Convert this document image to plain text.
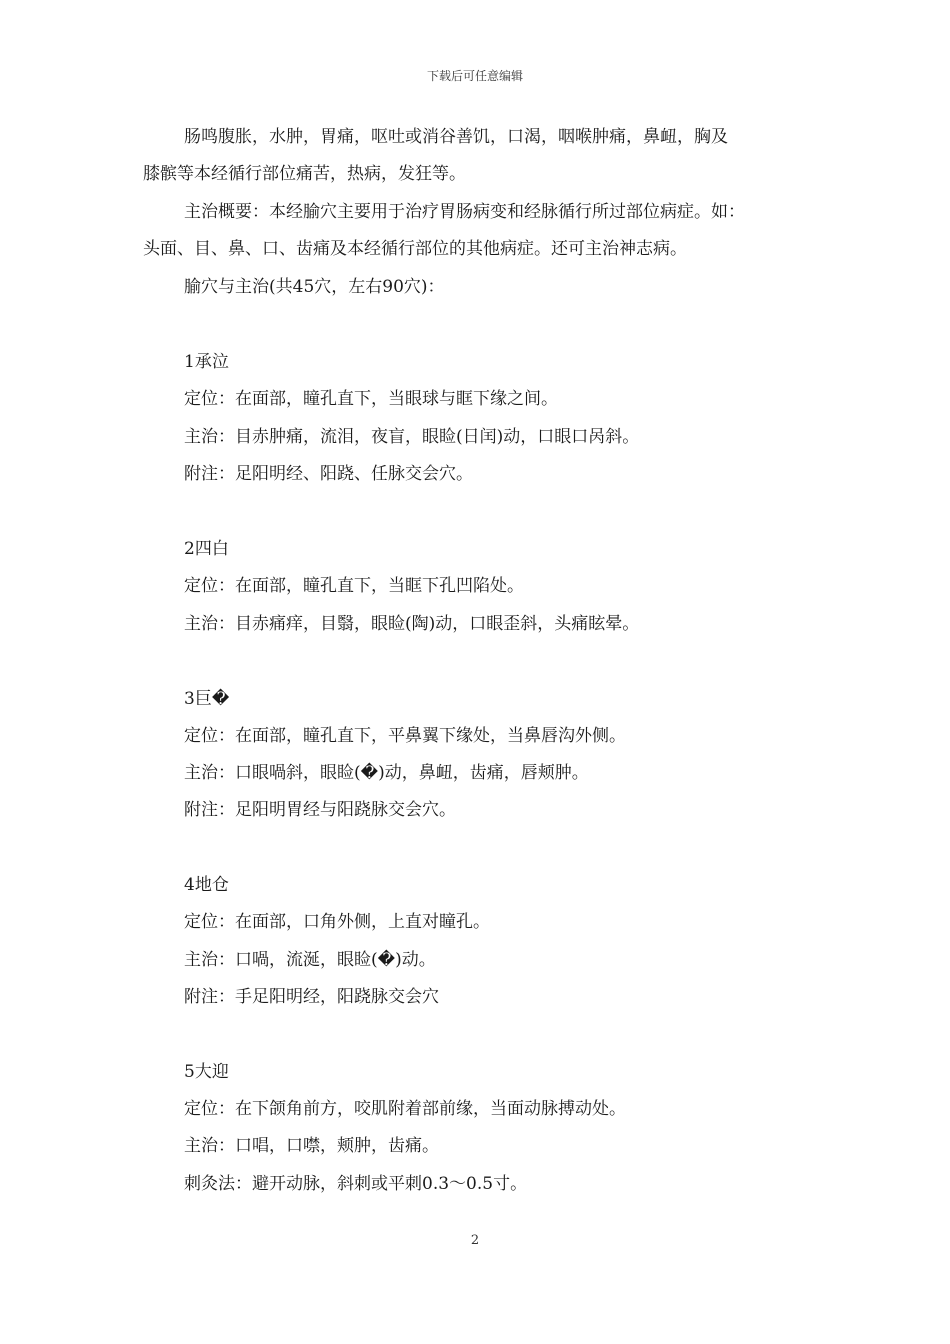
下载后可任意编辑
肠鸣腹胀，水肿，胃痛，呕吐或消谷善饥，口渴，咽喉肿痛，鼻衄，胸及
膝髌等本经循行部位痛苦，热病，发狂等。
主治概要：本经腧穴主要用于治疗胃肠病变和经脉循行所过部位病症。如：
头面、目、鼻、口、齿痛及本经循行部位的其他病症。还可主治神志病。
腧穴与主治(共45穴，左右90穴)：
1承泣
定位：在面部，瞳孔直下，当眼球与眶下缘之间。
主治：目赤肿痛，流泪，夜盲，眼睑(日闰)动，口眼口呙斜。
附注：足阳明经、阳跷、任脉交会穴。
2四白
定位：在面部，瞳孔直下，当眶下孔凹陷处。
主治：目赤痛痒，目翳，眼睑(陶)动，口眼歪斜，头痛眩晕。
3巨�
定位：在面部，瞳孔直下，平鼻翼下缘处，当鼻唇沟外侧。
主治：口眼喎斜，眼睑(�)动，鼻衄，齿痛，唇颊肿。
附注：足阳明胃经与阳跷脉交会穴。
4地仓
定位：在面部，口角外侧，上直对瞳孔。
主治：口喎，流涎，眼睑(�)动。
附注：手足阳明经，阳跷脉交会穴
5大迎
定位：在下颌角前方，咬肌附着部前缘，当面动脉搏动处。
主治：口唱，口噤，颊肿，齿痛。
刺灸法：避开动脉，斜刺或平刺0.3～0.5寸。
2
